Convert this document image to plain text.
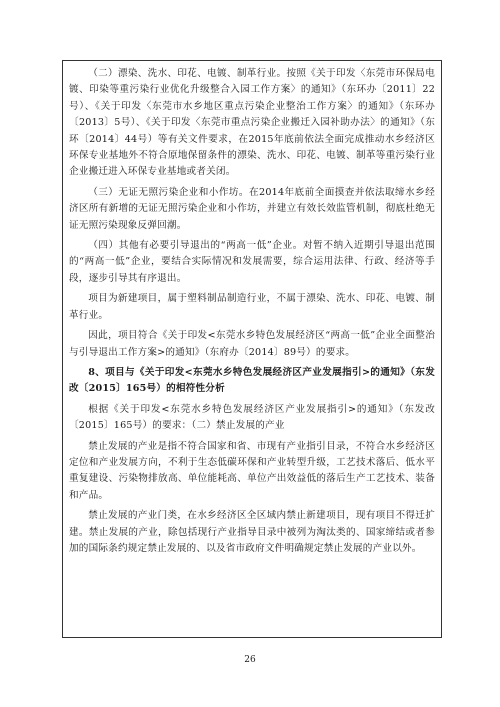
（二）漂染、洗水、印花、电镀、制革行业。按照《关于印发〈东莞市环保局电镀、印染等重污染行业优化升级整合入园工作方案〉的通知》（东环办〔2011〕22号）、《关于印发〈东莞市水乡地区重点污染企业整治工作方案〉的通知》（东环办〔2013〕5号）、《关于印发〈东莞市重点污染企业搬迁入园补助办法〉的通知》（东环〔2014〕44号）等有关文件要求，在2015年底前依法全面完成推动水乡经济区环保专业基地外不符合原地保留条件的漂染、洗水、印花、电镀、制革等重污染行业企业搬迁进入环保专业基地或者关闭。

（三）无证无照污染企业和小作坊。在2014年底前全面摸查并依法取缔水乡经济区所有新增的无证无照污染企业和小作坊，并建立有效长效监管机制，彻底杜绝无证无照污染现象反弹回潮。

（四）其他有必要引导退出的“两高一低”企业。对暂不纳入近期引导退出范围的“两高一低”企业，要结合实际情况和发展需要，综合运用法律、行政、经济等手段，逐步引导其有序退出。

项目为新建项目，属于塑料制品制造行业，不属于漂染、洗水、印花、电镀、制革行业。

因此，项目符合《关于印发<东莞水乡特色发展经济区“两高一低”企业全面整治与引导退出工作方案>的通知》（东府办〔2014〕89号）的要求。

8、项目与《关于印发<东莞水乡特色发展经济区产业发展指引>的通知》（东发改〔2015〕165号）的相符性分析

根据《关于印发<东莞水乡特色发展经济区产业发展指引>的通知》（东发改〔2015〕165号）的要求：（二）禁止发展的产业

禁止发展的产业是指不符合国家和省、市现有产业指引目录，不符合水乡经济区定位和产业发展方向，不利于生态低碳环保和产业转型升级，工艺技术落后、低水平重复建设、污染物排放高、单位能耗高、单位产出效益低的落后生产工艺技术、装备和产品。

禁止发展的产业门类，在水乡经济区全区域内禁止新建项目，现有项目不得迁扩建。禁止发展的产业，除包括现行产业指导目录中被列为淘汰类的、国家缔结或者参加的国际条约规定禁止发展的、以及省市政府文件明确规定禁止发展的产业以外。

26
